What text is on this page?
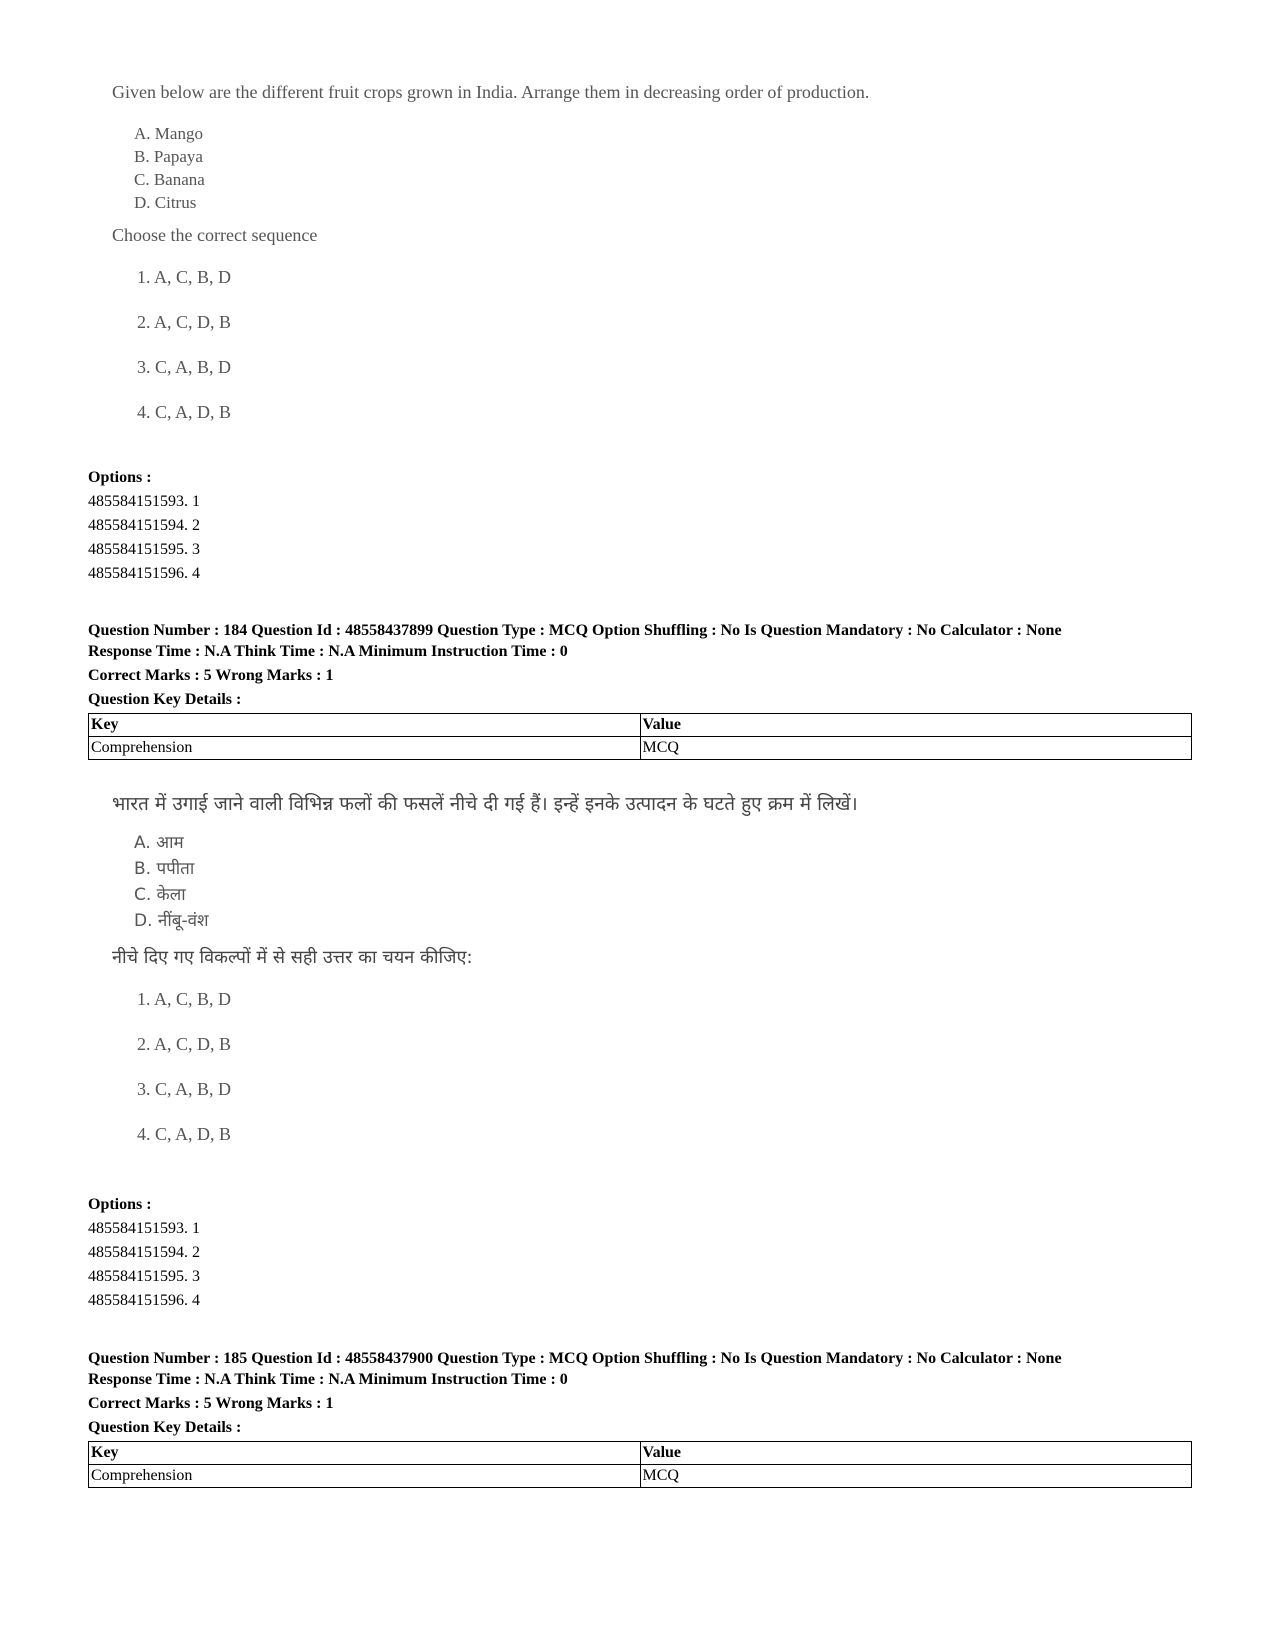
Given below are the different fruit crops grown in India. Arrange them in decreasing order of production.
A. Mango
B. Papaya
C. Banana
D. Citrus
Choose the correct sequence
1. A, C, B, D
2. A, C, D, B
3. C, A, B, D
4. C, A, D, B
Options :
485584151593. 1
485584151594. 2
485584151595. 3
485584151596. 4
Question Number : 184 Question Id : 48558437899 Question Type : MCQ Option Shuffling : No Is Question Mandatory : No Calculator : None
Response Time : N.A Think Time : N.A Minimum Instruction Time : 0
Correct Marks : 5 Wrong Marks : 1
Question Key Details :
Key	Value
Comprehension	MCQ
भारत में उगाई जाने वाली विभिन्न फलों की फसलें नीचे दी गई हैं। इन्हें इनके उत्पादन के घटते हुए क्रम में लिखें।
A. आम
B. पपीता
C. केला
D. नींबू-वंश
नीचे दिए गए विकल्पों में से सही उत्तर का चयन कीजिए:
1. A, C, B, D
2. A, C, D, B
3. C, A, B, D
4. C, A, D, B
Options :
485584151593. 1
485584151594. 2
485584151595. 3
485584151596. 4
Question Number : 185 Question Id : 48558437900 Question Type : MCQ Option Shuffling : No Is Question Mandatory : No Calculator : None
Response Time : N.A Think Time : N.A Minimum Instruction Time : 0
Correct Marks : 5 Wrong Marks : 1
Question Key Details :
Key	Value
Comprehension	MCQ
